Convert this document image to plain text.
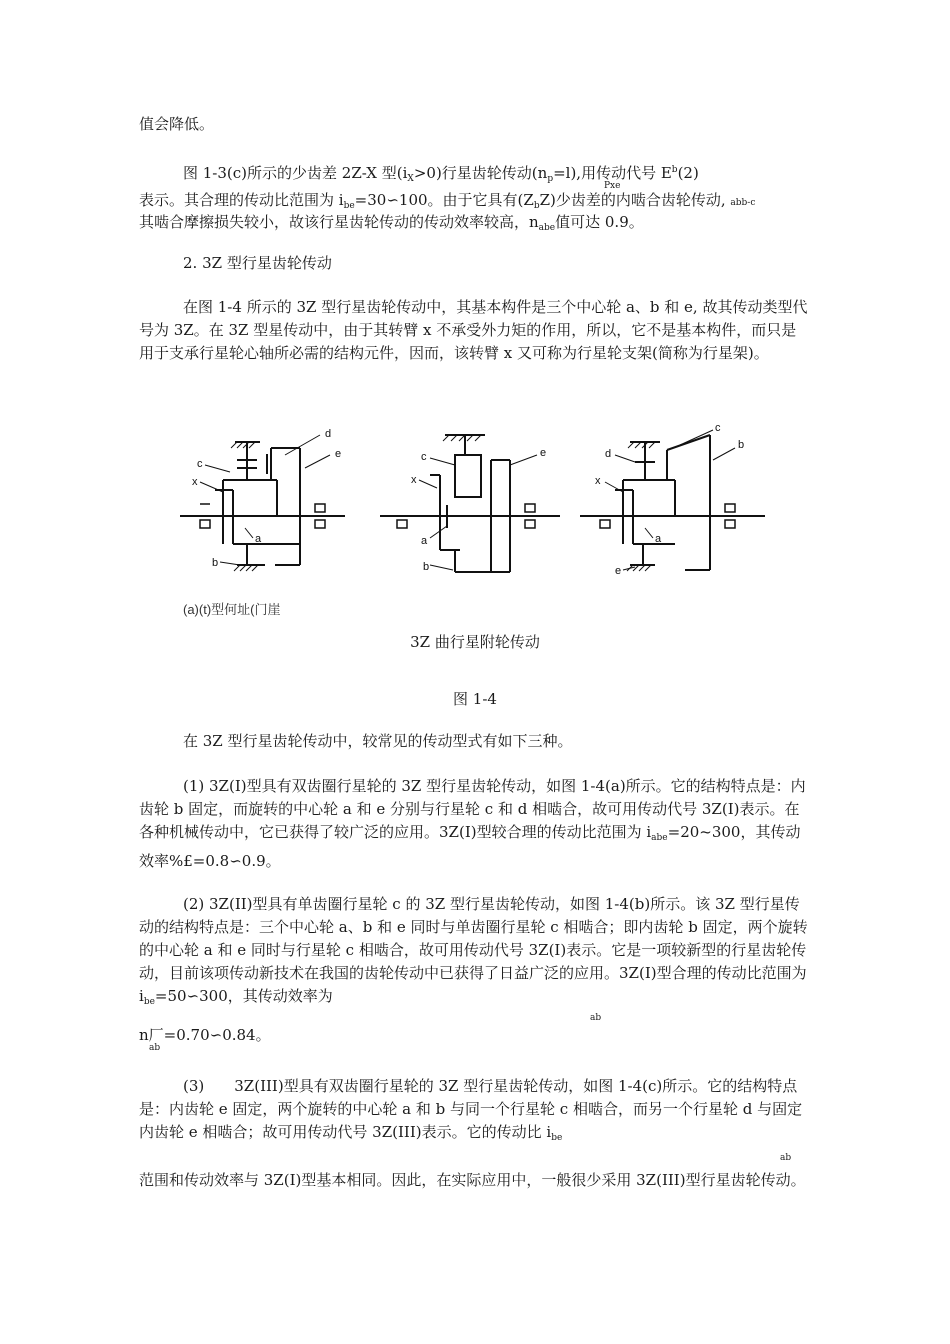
值会降低。

图 1-3(c)所示的少齿差 2Z-X 型$(i_X>0)$行星齿轮传动$(n_p=l)$,用传动代号 $E^b(2)$

Pxe

表示。其合理的传动比范围为 $i_{be}=30∽100$。由于它具有$(Z_bZ)$少齿差的内啮合齿轮传动, abb-c

其啮合摩擦损失较小，故该行星齿轮传动的传动效率较高，$n_{abe}$值可达 0.9。

2. 3Z 型行星齿轮传动

在图 1-4 所示的 3Z 型行星齿轮传动中，其基本构件是三个中心轮 a、b 和 e, 故其传动类型代号为 3Z。在 3Z 型星传动中，由于其转臂 x 不承受外力矩的作用，所以，它不是基本构件，而只是用于支承行星轮心轴所必需的结构元件，因而，该转臂 x 又可称为行星轮支架(简称为行星架)。

d
e
c
x
a
b
e
c
x
a
b
c
b
d
x
a
e
(a)(t)型何址(门崖
3Z 曲行星附轮传动
图 1-4

在 3Z 型行星齿轮传动中，较常见的传动型式有如下三种。

(1) 3Z(I)型具有双齿圈行星轮的 3Z 型行星齿轮传动，如图 1-4(a)所示。它的结构特点是：内齿轮 b 固定，而旋转的中心轮 a 和 e 分别与行星轮 c 和 d 相啮合，故可用传动代号 3Z(I)表示。在各种机械传动中，它已获得了较广泛的应用。3Z(I)型较合理的传动比范围为 $i_{abe}=20\sim 300$，其传动效率%£=0.8∽0.9。

(2) 3Z(II)型具有单齿圈行星轮 c 的 3Z 型行星齿轮传动，如图 1-4(b)所示。该 3Z 型行星传动的结构特点是：三个中心轮 a、b 和 e 同时与单齿圈行星轮 c 相啮合；即内齿轮 b 固定，两个旋转的中心轮 a 和 e 同时与行星轮 c 相啮合，故可用传动代号 3Z(I)表示。它是一项较新型的行星齿轮传动，目前该项传动新技术在我国的齿轮传动中已获得了日益广泛的应用。3Z(I)型合理的传动比范围为 $i_{be}=50∽300$，其传动效率为

ab
n厂=0.70∽0.84。
ab

(3)　　3Z(III)型具有双齿圈行星轮的 3Z 型行星齿轮传动，如图 1-4(c)所示。它的结构特点是：内齿轮 e 固定，两个旋转的中心轮 a 和 b 与同一个行星轮 c 相啮合，而另一个行星轮 d 与固定内齿轮 e 相啮合；故可用传动代号 3Z(III)表示。它的传动比 $i_{be}$

ab

范围和传动效率与 3Z(I)型基本相同。因此，在实际应用中，一般很少采用 3Z(III)型行星齿轮传动。
